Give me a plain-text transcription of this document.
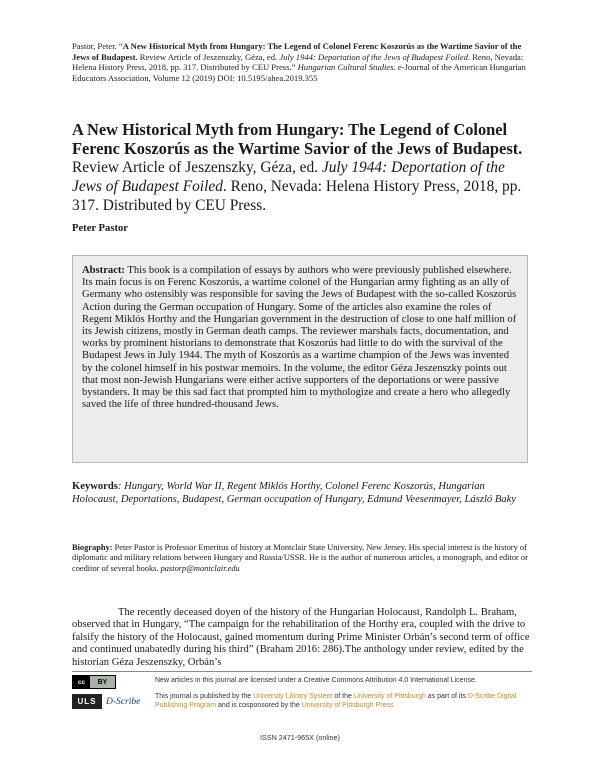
Pastor, Peter. “A New Historical Myth from Hungary: The Legend of Colonel Ferenc Koszorús as the Wartime Savior of the Jews of Budapest. Review Article of Jeszenszky, Géza, ed. July 1944: Deportation of the Jews of Budapest Foiled. Reno, Nevada: Helena History Press, 2018, pp. 317. Distributed by CEU Press.” Hungarian Cultural Studies. e-Journal of the American Hungarian Educators Association, Volume 12 (2019) DOI: 10.5195/ahea.2019.355

A New Historical Myth from Hungary: The Legend of Colonel Ferenc Koszorús as the Wartime Savior of the Jews of Budapest.

Review Article of Jeszenszky, Géza, ed. July 1944: Deportation of the Jews of Budapest Foiled. Reno, Nevada: Helena History Press, 2018, pp. 317. Distributed by CEU Press.

Peter Pastor
Abstract: This book is a compilation of essays by authors who were previously published elsewhere. Its main focus is on Ferenc Koszorús, a wartime colonel of the Hungarian army fighting as an ally of Germany who ostensibly was responsible for saving the Jews of Budapest with the so-called Koszorús Action during the German occupation of Hungary. Some of the articles also examine the roles of Regent Miklós Horthy and the Hungarian government in the destruction of close to one half million of its Jewish citizens, mostly in German death camps. The reviewer marshals facts, documentation, and works by prominent historians to demonstrate that Koszorús had little to do with the survival of the Budapest Jews in July 1944. The myth of Koszorús as a wartime champion of the Jews was invented by the colonel himself in his postwar memoirs. In the volume, the editor Géza Jeszenszky points out that most non-Jewish Hungarians were either active supporters of the deportations or were passive bystanders. It may be this sad fact that prompted him to mythologize and create a hero who allegedly saved the life of three hundred-thousand Jews.
Keywords: Hungary, World War II, Regent Miklós Horthy, Colonel Ferenc Koszorús, Hungarian Holocaust, Deportations, Budapest, German occupation of Hungary, Edmund Veesenmayer, László Baky
Biography: Peter Pastor is Professor Emeritus of history at Montclair State University, New Jersey. His special interest is the history of diplomatic and military relations between Hungary and Russia/USSR. He is the author of numerous articles, a monograph, and editor or coeditor of several books. pastorp@montclair.edu
The recently deceased doyen of the history of the Hungarian Holocaust, Randolph L. Braham, observed that in Hungary, “The campaign for the rehabilitation of the Horthy era, coupled with the drive to falsify the history of the Holocaust, gained momentum during Prime Minister Orbán’s second term of office and continued unabatedly during his third” (Braham 2016: 286).The anthology under review, edited by the historian Géza Jeszenszky, Orbán’s
cc	BY	New articles in this journal are licensed under a Creative Commons Attribution 4.0 International License.
ULS	D-Scribe This journal is published by the University Library System of the University of Pittsburgh as part of its D-Scribe Digital Publishing Program and is cosponsored by the University of Pittsburgh Press
ISSN 2471-965X (online)
